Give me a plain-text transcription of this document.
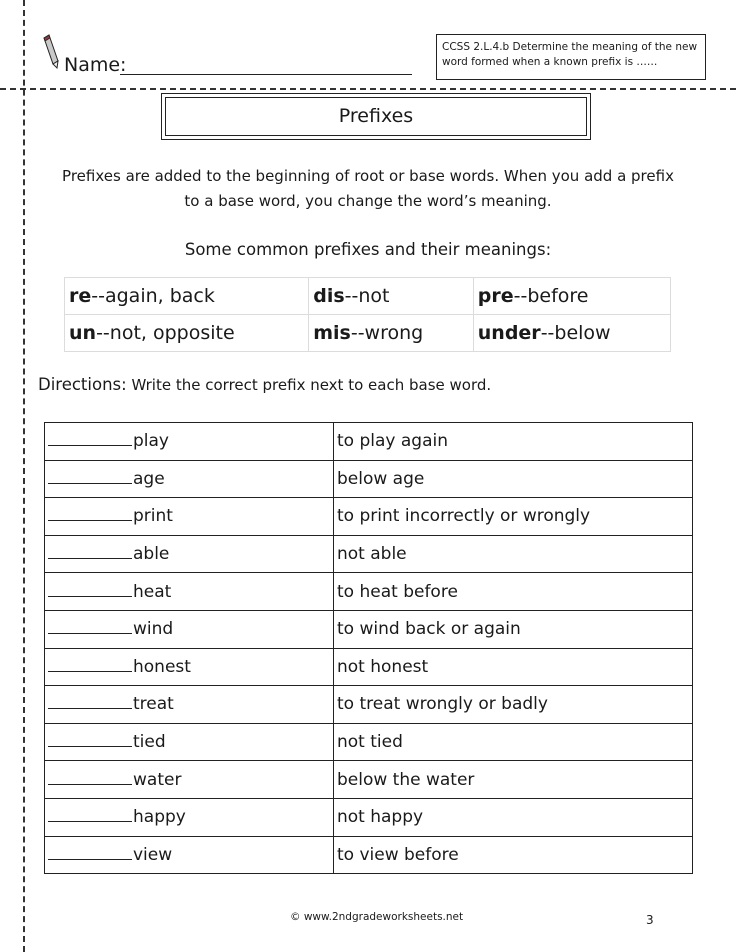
Name:
CCSS 2.L.4.b Determine the meaning of the new word formed when a known prefix is ……
Prefixes
Prefixes are added to the beginning of root or base words. When you add a prefix
to a base word, you change the word’s meaning.
Some common prefixes and their meanings:
re--again, back	dis--not	pre--before
un--not, opposite	mis--wrong	under--below
Directions: Write the correct prefix next to each base word.
play	to play again
age	below age
print	to print incorrectly or wrongly
able	not able
heat	to heat before
wind	to wind back or again
honest	not honest
treat	to treat wrongly or badly
tied	not tied
water	below the water
happy	not happy
view	to view before
© www.2ndgradeworksheets.net	3
